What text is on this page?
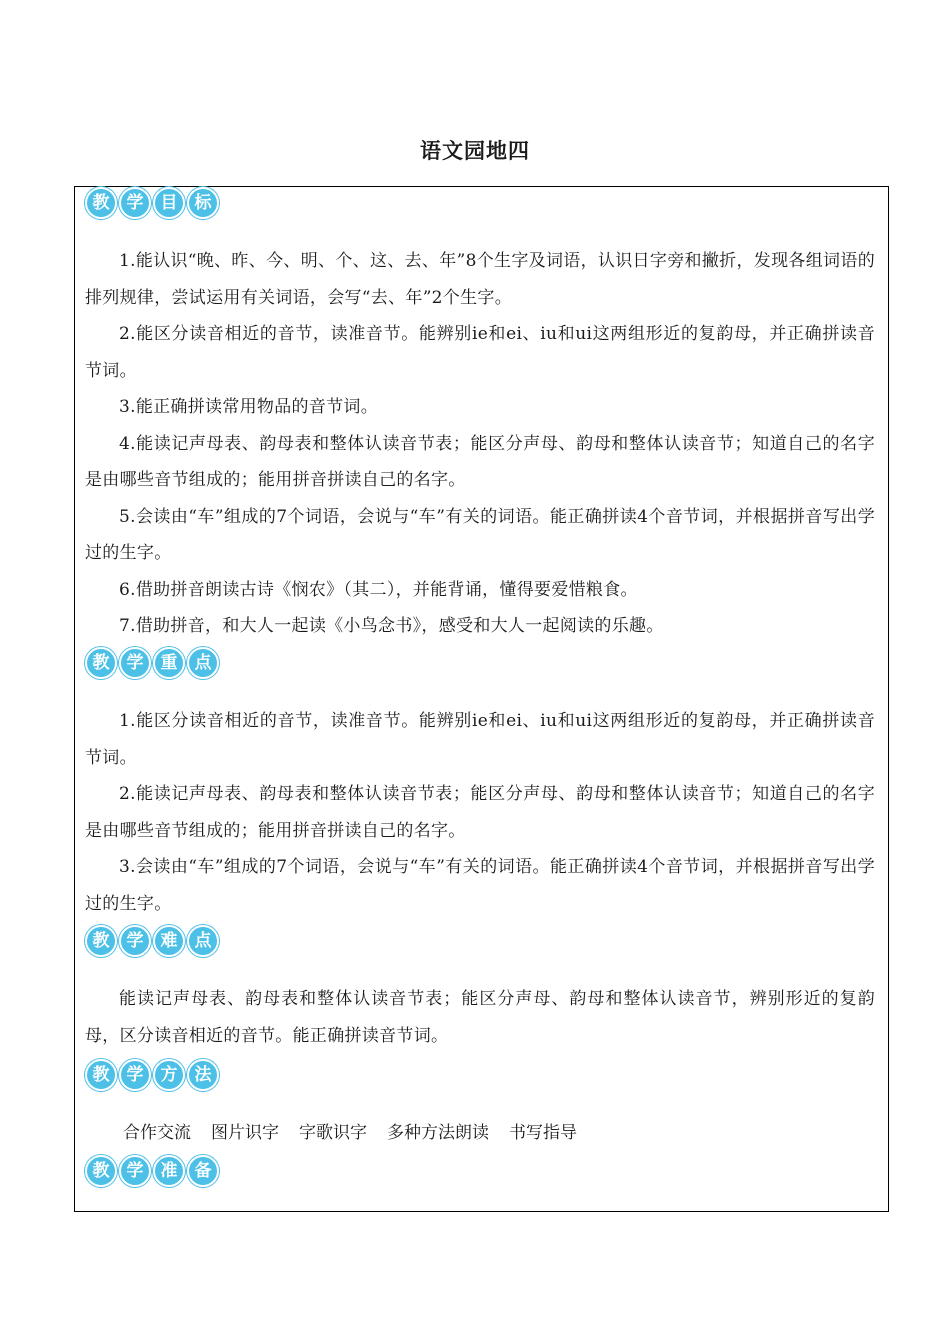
语文园地四
教	学	目	标

1.能认识“晚、昨、今、明、个、这、去、年”8个生字及词语，认识日字旁和撇折，发现各组词语的排列规律，尝试运用有关词语，会写“去、年”2个生字。

2.能区分读音相近的音节，读准音节。能辨别ie和ei、iu和ui这两组形近的复韵母，并正确拼读音节词。

3.能正确拼读常用物品的音节词。

4.能读记声母表、韵母表和整体认读音节表；能区分声母、韵母和整体认读音节；知道自己的名字是由哪些音节组成的；能用拼音拼读自己的名字。

5.会读由“车”组成的7个词语，会说与“车”有关的词语。能正确拼读4个音节词，并根据拼音写出学过的生字。

6.借助拼音朗读古诗《悯农》（其二），并能背诵，懂得要爱惜粮食。

7.借助拼音，和大人一起读《小鸟念书》，感受和大人一起阅读的乐趣。

教	学	重	点

1.能区分读音相近的音节，读准音节。能辨别ie和ei、iu和ui这两组形近的复韵母，并正确拼读音节词。

2.能读记声母表、韵母表和整体认读音节表；能区分声母、韵母和整体认读音节；知道自己的名字是由哪些音节组成的；能用拼音拼读自己的名字。

3.会读由“车”组成的7个词语，会说与“车”有关的词语。能正确拼读4个音节词，并根据拼音写出学过的生字。

教	学	难	点

能读记声母表、韵母表和整体认读音节表；能区分声母、韵母和整体认读音节，辨别形近的复韵母，区分读音相近的音节。能正确拼读音节词。

教	学	方	法
合作交流 图片识字 字歌识字 多种方法朗读 书写指导
教	学	准	备
